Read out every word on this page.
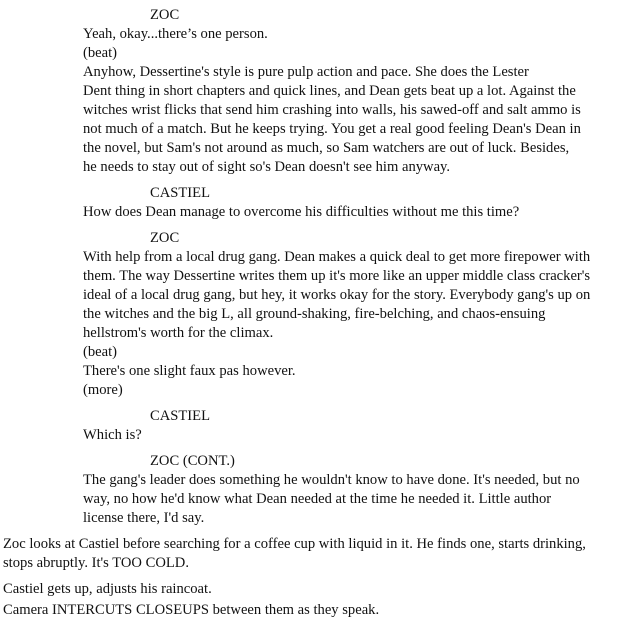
ZOC
Yeah, okay...there’s one person.
(beat)
Anyhow, Dessertine's style is pure pulp action and pace. She does the Lester
Dent thing in short chapters and quick lines, and Dean gets beat up a lot. Against the
witches wrist flicks that send him crashing into walls, his sawed-off and salt ammo is
not much of a match. But he keeps trying. You get a real good feeling Dean's Dean in
the novel, but Sam's not around as much, so Sam watchers are out of luck. Besides,
he needs to stay out of sight so's Dean doesn't see him anyway.
CASTIEL
How does Dean manage to overcome his difficulties without me this time?
ZOC
With help from a local drug gang. Dean makes a quick deal to get more firepower with
them. The way Dessertine writes them up it's more like an upper middle class cracker's
ideal of a local drug gang, but hey, it works okay for the story. Everybody gang's up on
the witches and the big L, all ground-shaking, fire-belching, and chaos-ensuing
hellstrom's worth for the climax.
(beat)
There's one slight faux pas however.
(more)
CASTIEL
Which is?
ZOC (CONT.)
The gang's leader does something he wouldn't know to have done. It's needed, but no
way, no how he'd know what Dean needed at the time he needed it. Little author
license there, I'd say.
Zoc looks at Castiel before searching for a coffee cup with liquid in it. He finds one, starts drinking,
stops abruptly. It's TOO COLD.
Castiel gets up, adjusts his raincoat.
Camera INTERCUTS CLOSEUPS between them as they speak.
